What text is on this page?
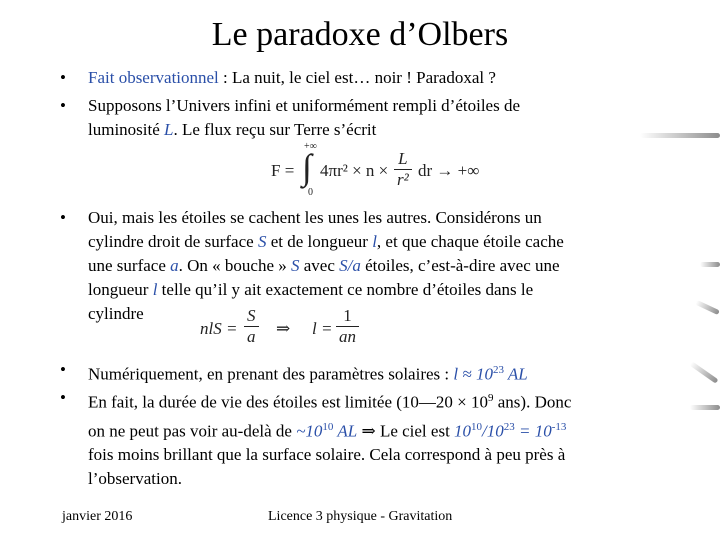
Le paradoxe d’Olbers
• Fait observationnel : La nuit, le ciel est… noir ! Paradoxal ?
• Supposons l’Univers infini et uniformément rempli d’étoiles de
luminosité L. Le flux reçu sur Terre s’écrit
F = ∫
+∞
0
$4\pi r^2 \times n \times \frac{L}{\text{r²}}$ dr → +∞
• Oui, mais les étoiles se cachent les unes les autres. Considérons un
cylindre droit de surface S et de longueur l, et que chaque étoile cache
une surface a. On « bouche » S avec S/a étoiles, c’est-à-dire avec une
longueur l telle qu’il y ait exactement ce nombre d’étoiles dans le
cylindre
nlS = $\frac{S}{a}$ ⇒ $l = \frac{1}{an}$
• Numériquement, en prenant des paramètres solaires : $l \approx 10^{23}$ AL
• En fait, la durée de vie des étoiles est limitée (10—20 × $10^9$ ans). Donc
on ne peut pas voir au-delà de $\sim 10^{10}$ AL ⇒ Le ciel est $10^{10}/10^{23} = 10^{-13}$
fois moins brillant que la surface solaire. Cela correspond à peu près à
l’observation.
janvier 2016	Licence 3 physique - Gravitation
